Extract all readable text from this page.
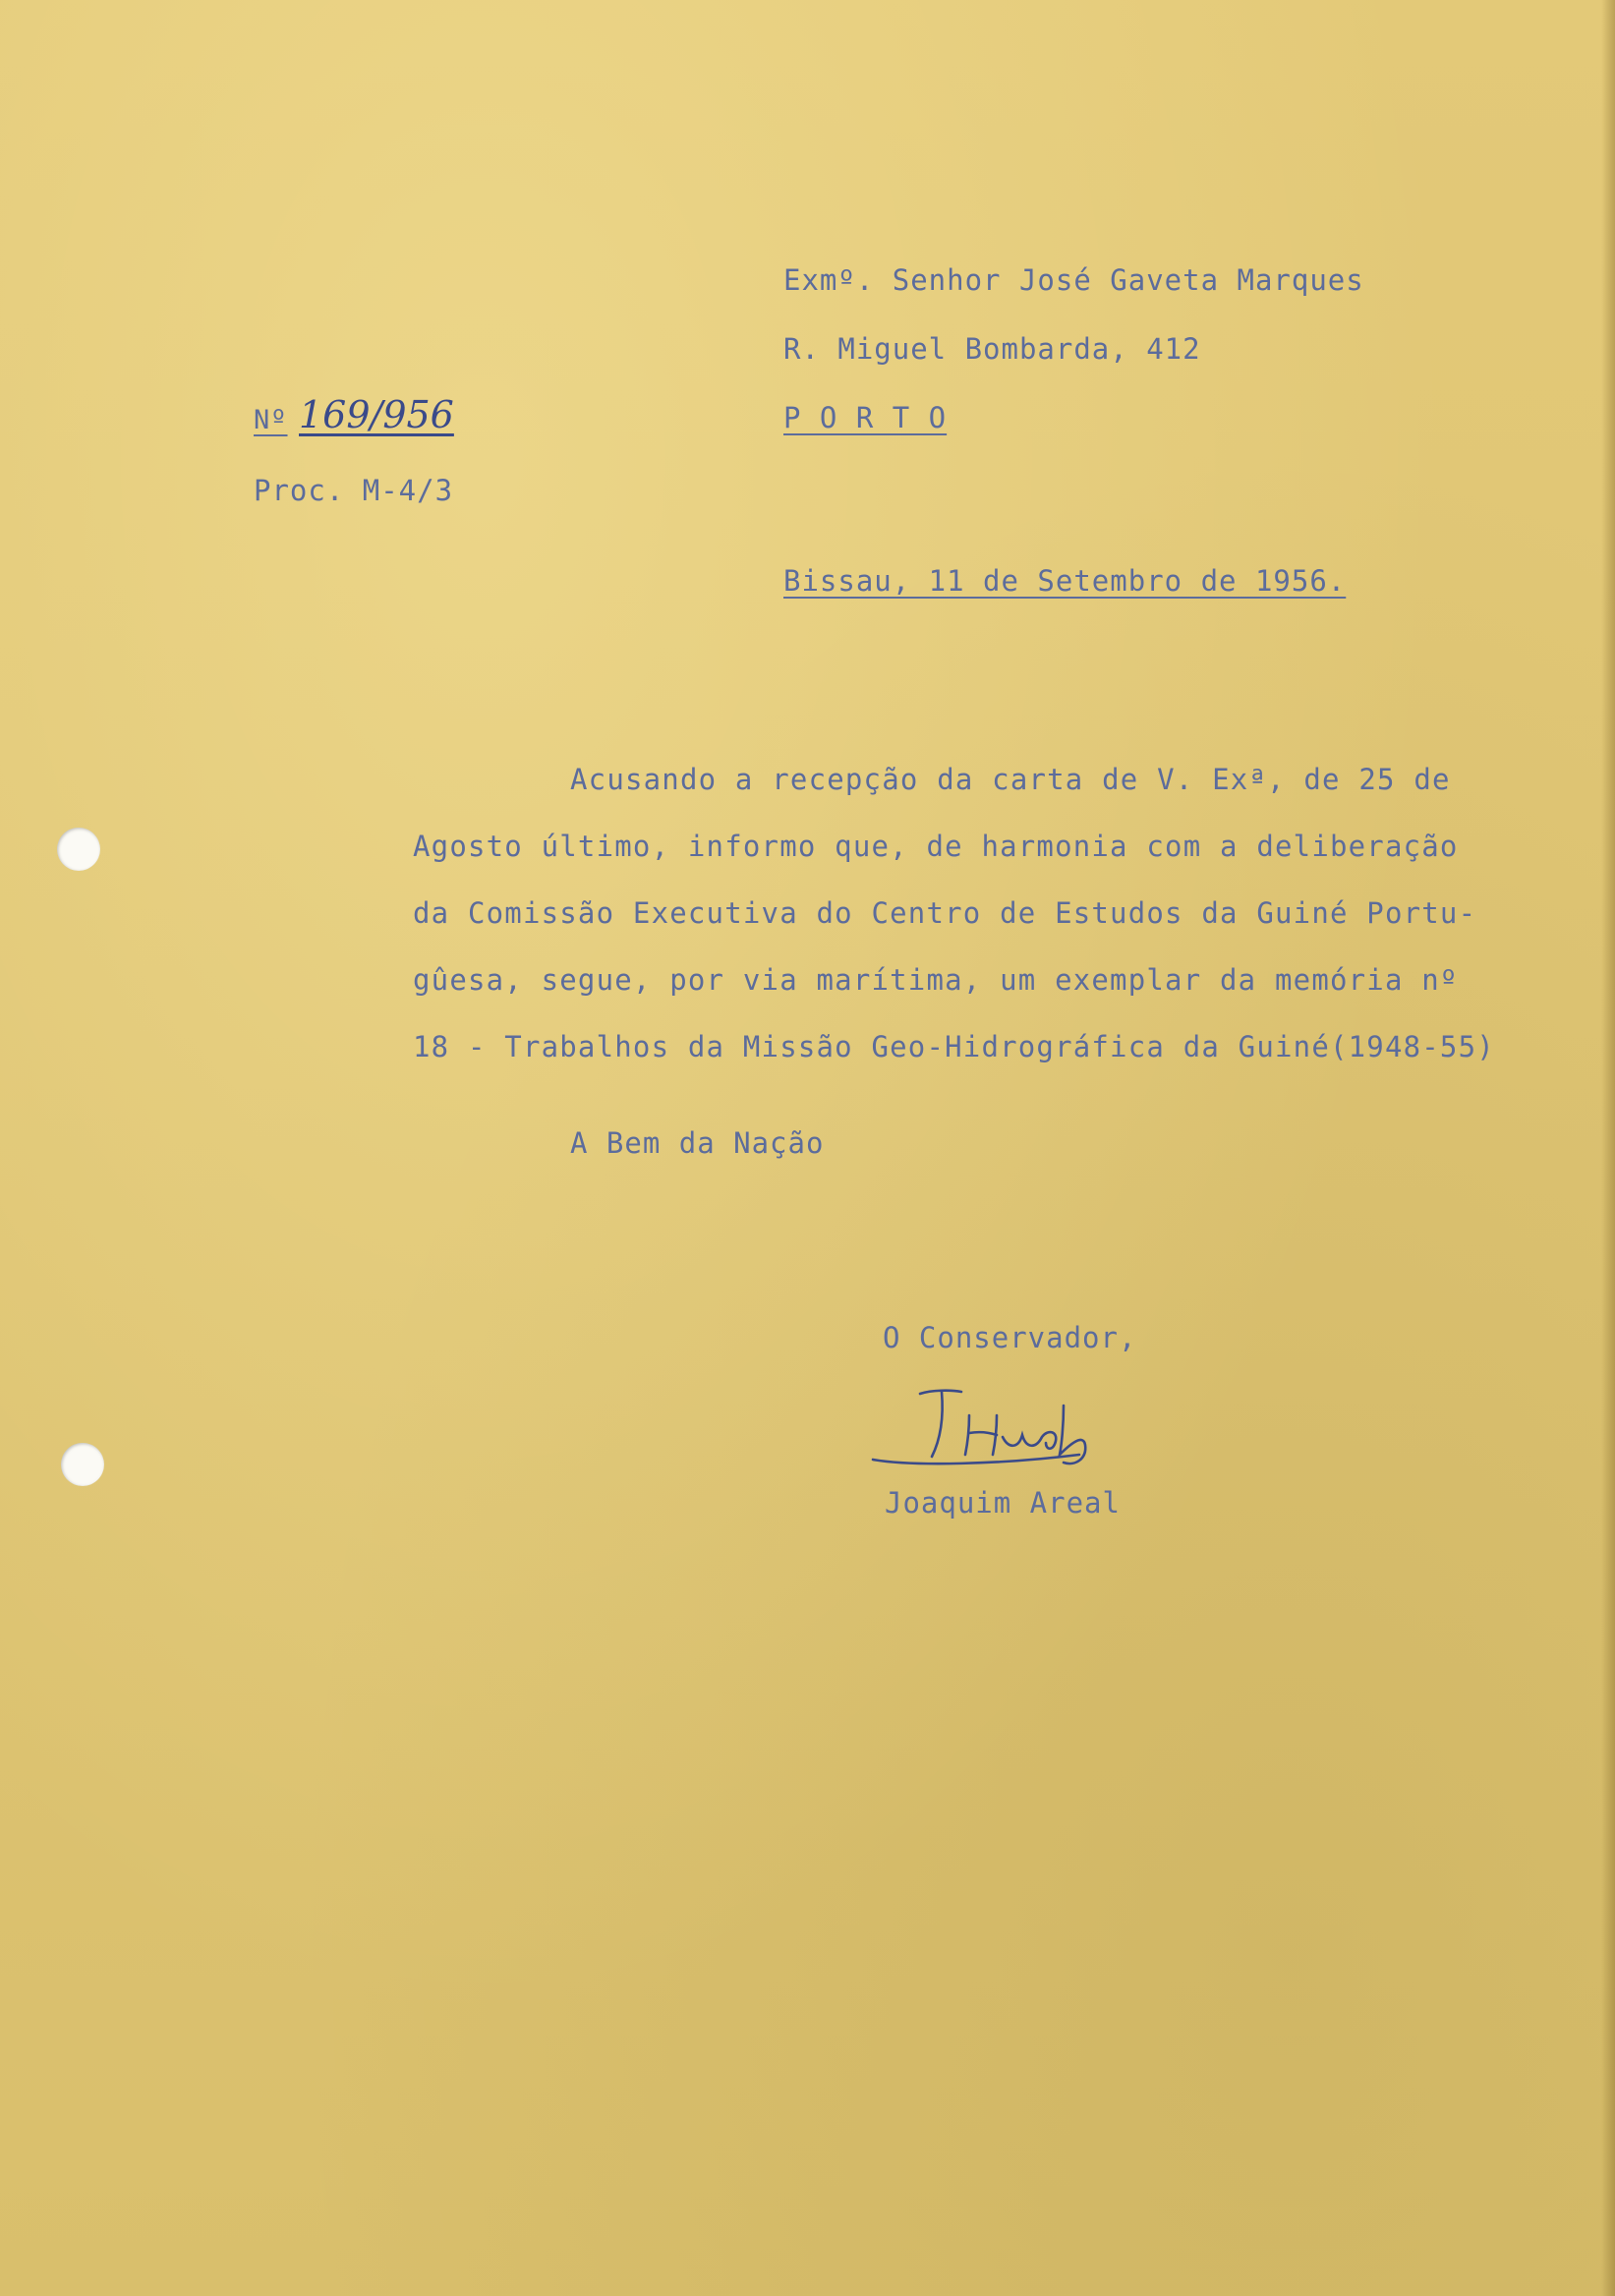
Exmº. Senhor José Gaveta Marques
R. Miguel Bombarda, 412
P O R T O
Nº 169/956
Proc. M-4/3
Bissau, 11 de Setembro de 1956.
Acusando a recepção da carta de V. Exª, de 25 de
Agosto último, informo que, de harmonia com a deliberação
da Comissão Executiva do Centro de Estudos da Guiné Portu-
gûesa, segue, por via marítima, um exemplar da memória nº
18 - Trabalhos da Missão Geo-Hidrográfica da Guiné(1948-55)
A Bem da Nação
O Conservador,
Joaquim Areal
